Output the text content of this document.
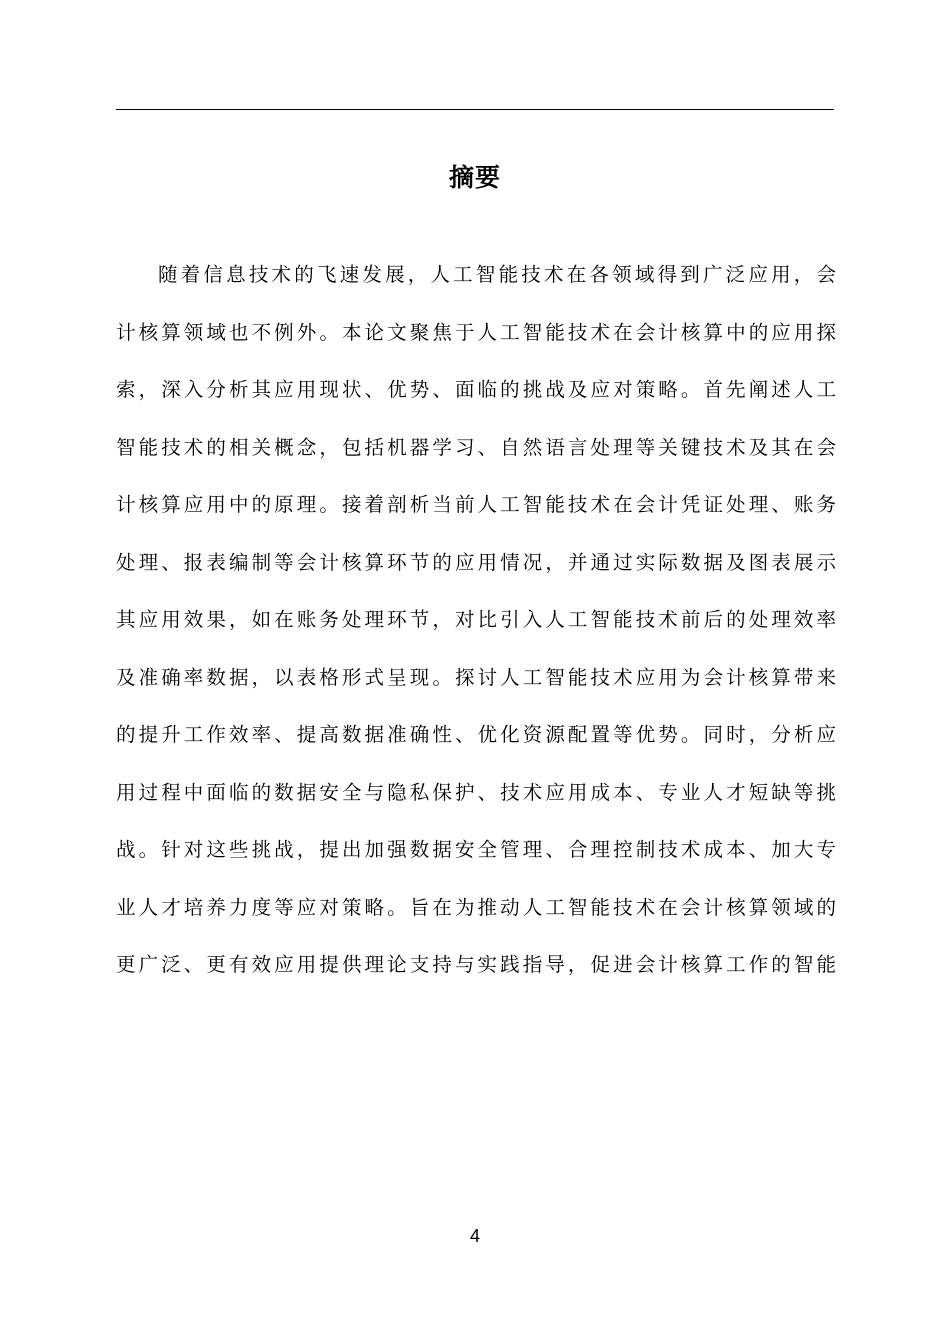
摘要
随着信息技术的飞速发展，人工智能技术在各领域得到广泛应用，会
计核算领域也不例外。本论文聚焦于人工智能技术在会计核算中的应用探
索，深入分析其应用现状、优势、面临的挑战及应对策略。首先阐述人工
智能技术的相关概念，包括机器学习、自然语言处理等关键技术及其在会
计核算应用中的原理。接着剖析当前人工智能技术在会计凭证处理、账务
处理、报表编制等会计核算环节的应用情况，并通过实际数据及图表展示
其应用效果，如在账务处理环节，对比引入人工智能技术前后的处理效率
及准确率数据，以表格形式呈现。探讨人工智能技术应用为会计核算带来
的提升工作效率、提高数据准确性、优化资源配置等优势。同时，分析应
用过程中面临的数据安全与隐私保护、技术应用成本、专业人才短缺等挑
战。针对这些挑战，提出加强数据安全管理、合理控制技术成本、加大专
业人才培养力度等应对策略。旨在为推动人工智能技术在会计核算领域的
更广泛、更有效应用提供理论支持与实践指导，促进会计核算工作的智能
4
